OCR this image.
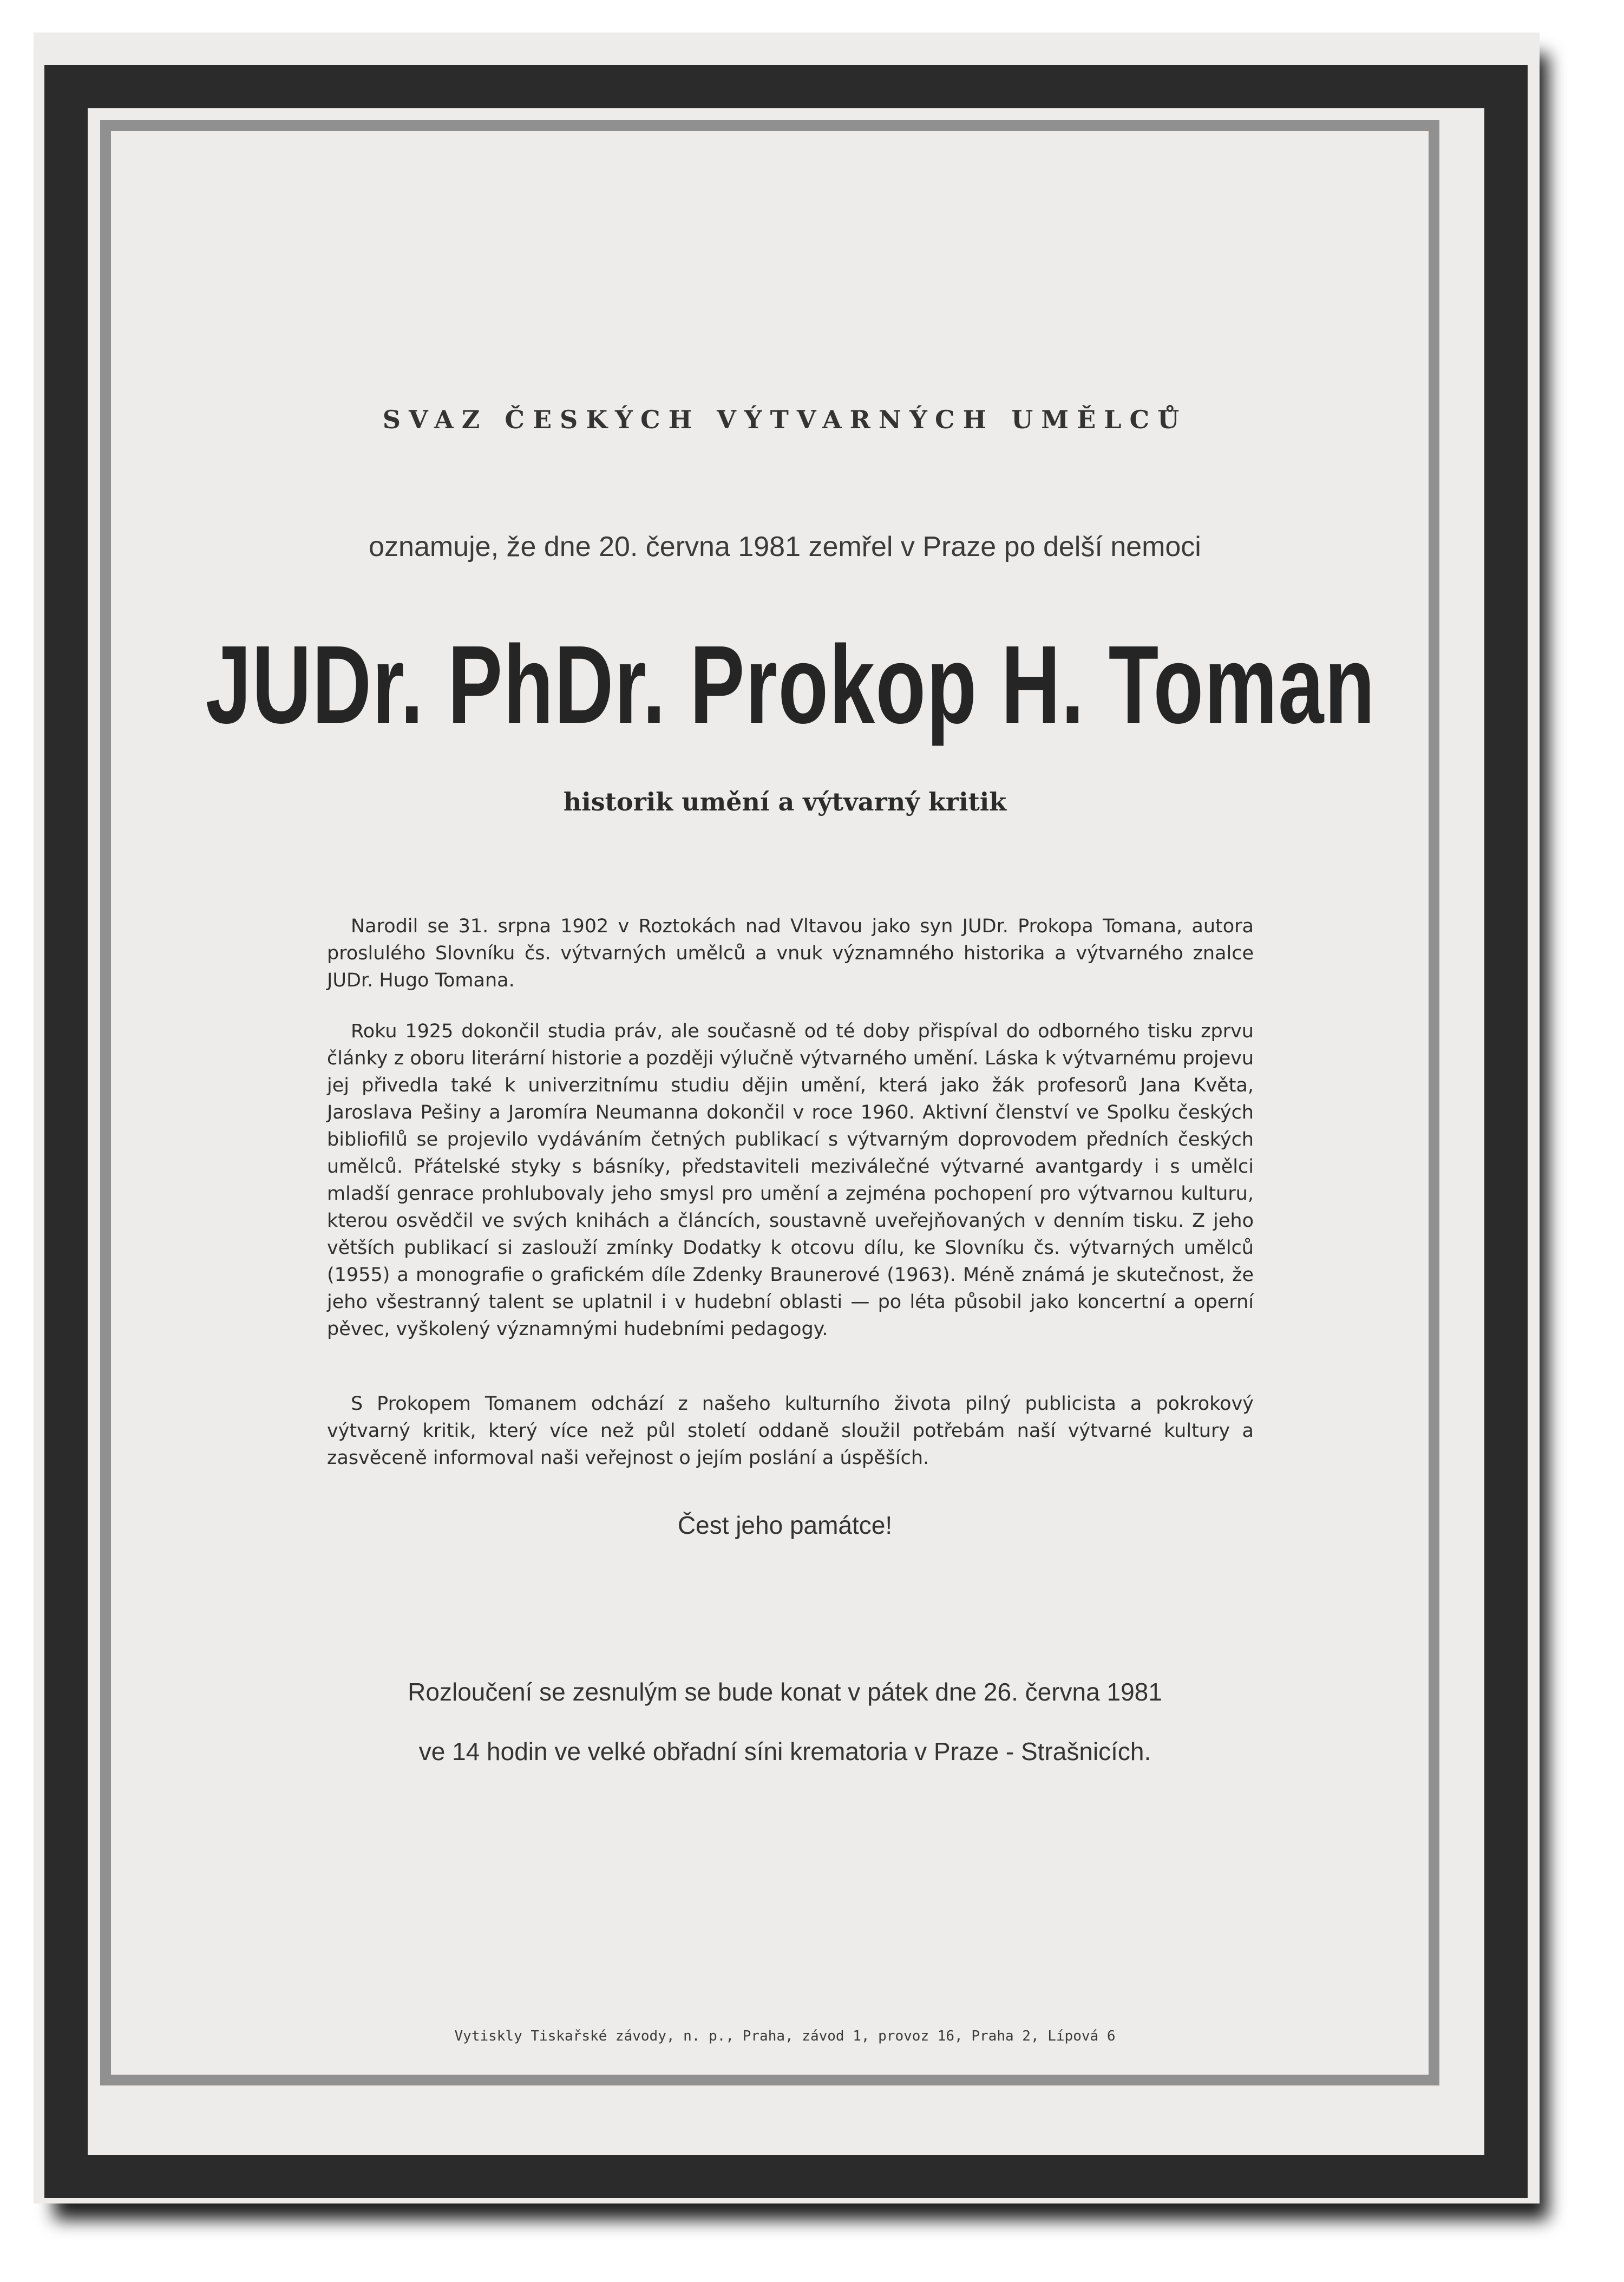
SVAZ ČESKÝCH VÝTVARNÝCH UMĚLCŮ
oznamuje, že dne 20. června 1981 zemřel v Praze po delší nemoci
JUDr. PhDr. Prokop H. Toman
historik umění a výtvarný kritik

Narodil se 31. srpna 1902 v Roztokách nad Vltavou jako syn JUDr. Prokopa Tomana, autora proslulého Slovníku čs. výtvarných umělců a vnuk významného historika a výtvarného znalce JUDr. Hugo Tomana.

Roku 1925 dokončil studia práv, ale současně od té doby přispíval do odborného tisku zprvu články z oboru literární historie a později výlučně výtvarného umění. Láska k výtvarnému projevu jej přivedla také k univerzitnímu studiu dějin umění, která jako žák profesorů Jana Květa, Jaroslava Pešiny a Jaromíra Neumanna dokončil v roce 1960. Aktivní členství ve Spolku českých bibliofilů se projevilo vydáváním četných publikací s výtvarným doprovodem předních českých umělců. Přátelské styky s básníky, představiteli meziválečné výtvarné avantgardy i s umělci mladší genrace prohlubovaly jeho smysl pro umění a zejména pochopení pro výtvarnou kulturu, kterou osvědčil ve svých knihách a článcích, soustavně uveřejňovaných v denním tisku. Z jeho větších publikací si zaslouží zmínky Dodatky k otcovu dílu, ke Slovníku čs. výtvarných umělců (1955) a monografie o grafickém díle Zdenky Braunerové (1963). Méně známá je skutečnost, že jeho všestranný talent se uplatnil i v hudební oblasti — po léta působil jako koncertní a operní pěvec, vyškolený významnými hudebními pedagogy.

S Prokopem Tomanem odchází z našeho kulturního života pilný publicista a pokrokový výtvarný kritik, který více než půl století oddaně sloužil potřebám naší výtvarné kultury a zasvěceně informoval naši veřejnost o jejím poslání a úspěších.

Čest jeho památce!
Rozloučení se zesnulým se bude konat v pátek dne 26. června 1981
ve 14 hodin ve velké obřadní síni krematoria v Praze - Strašnicích.
Vytiskly Tiskařské závody, n. p., Praha, závod 1, provoz 16, Praha 2, Lípová 6
